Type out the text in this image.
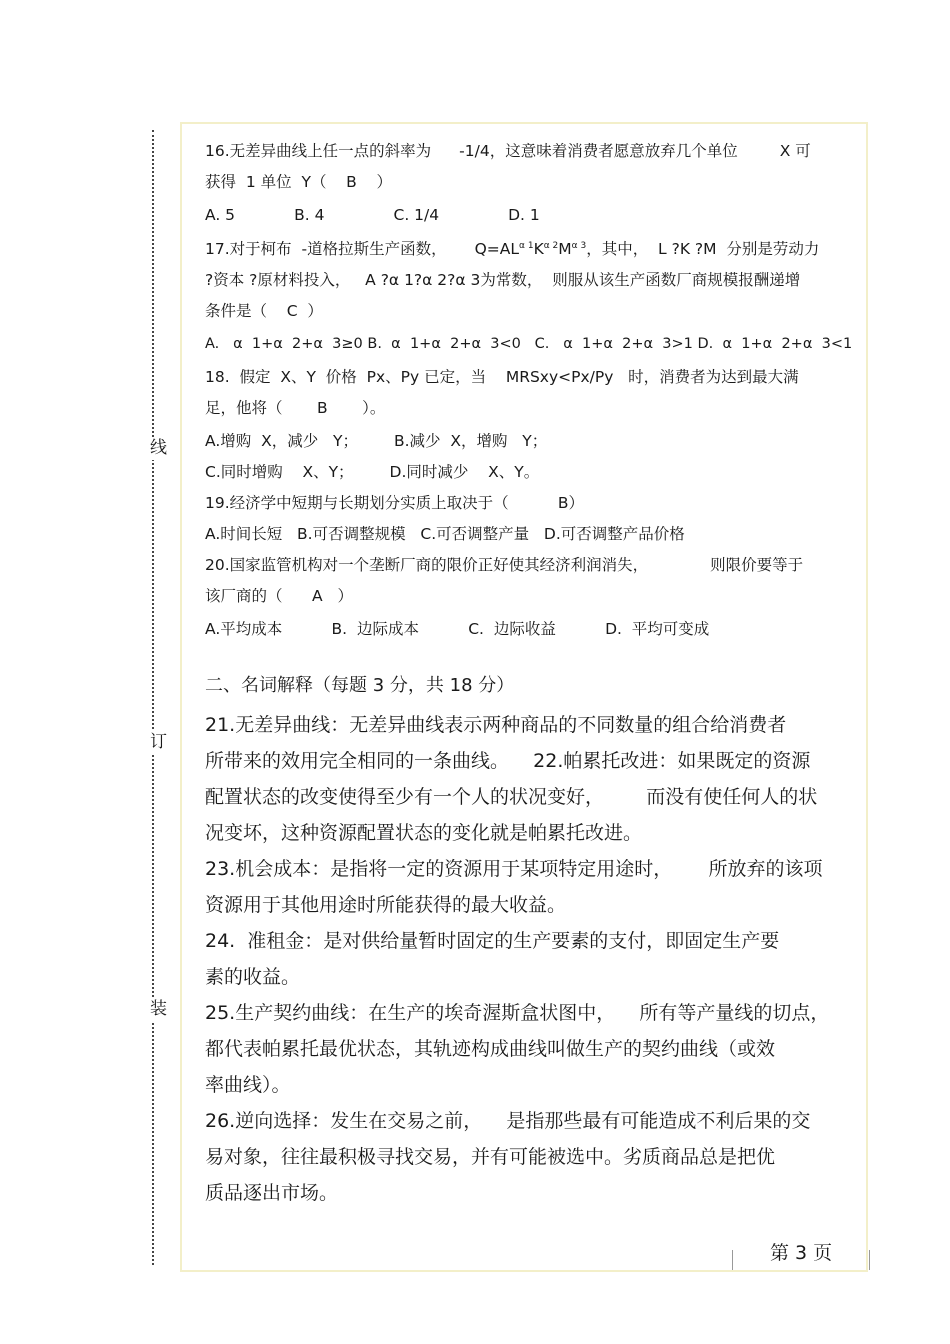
线
订
装

16.无差异曲线上任一点的斜率为 -1/4，这意味着消费者愿意放弃几个单位	X 可

获得  1 单位  Y（    B    ）

A. 5            B. 4              C. 1/4              D. 1

17.对于柯布  -道格拉斯生产函数， $Q=AL^{\alpha 1}K^{\alpha 2}M^{\alpha 3}$，其中，  L ?K ?M  分别是劳动力

?资本 ?原材料投入，   A ?α 1?α 2?α 3为常数，  则服从该生产函数厂商规模报酬递增

条件是（    C  ）

A.   α  1+α  2+α  3≥0 B.  α  1+α  2+α  3<0   C.   α  1+α  2+α  3>1 D.  α  1+α  2+α  3<1

18.  假定  X、Y  价格  Px、Py 已定，当    MRSxy<Px/Py   时，消费者为达到最大满

足，他将（       B       ）。

A.增购  X，减少   Y； B.减少  X，增购   Y；

C.同时增购    X、Y； D.同时减少    X、Y。

19.经济学中短期与长期划分实质上取决于（          B）

A.时间长短   B.可否调整规模   C.可否调整产量   D.可否调整产品价格

20.国家监管机构对一个垄断厂商的限价正好使其经济利润消失，	则限价要等于

该厂商的（      A   ）

A.平均成本          B.  边际成本          C.  边际收益          D.  平均可变成

二、名词解释（每题 3 分，共 18 分）

21.无差异曲线：无差异曲线表示两种商品的不同数量的组合给消费者

所带来的效用完全相同的一条曲线。    22.帕累托改进：如果既定的资源

配置状态的改变使得至少有一个人的状况变好，       而没有使任何人的状

况变坏，这种资源配置状态的变化就是帕累托改进。

23.机会成本：是指将一定的资源用于某项特定用途时，      所放弃的该项

资源用于其他用途时所能获得的最大收益。

24.  准租金：是对供给量暂时固定的生产要素的支付，即固定生产要

素的收益。

25.生产契约曲线：在生产的埃奇渥斯盒状图中，    所有等产量线的切点，

都代表帕累托最优状态，其轨迹构成曲线叫做生产的契约曲线（或效

率曲线）。

26.逆向选择：发生在交易之前，    是指那些最有可能造成不利后果的交

易对象，往往最积极寻找交易，并有可能被选中。劣质商品总是把优

质品逐出市场。

第 3 页
